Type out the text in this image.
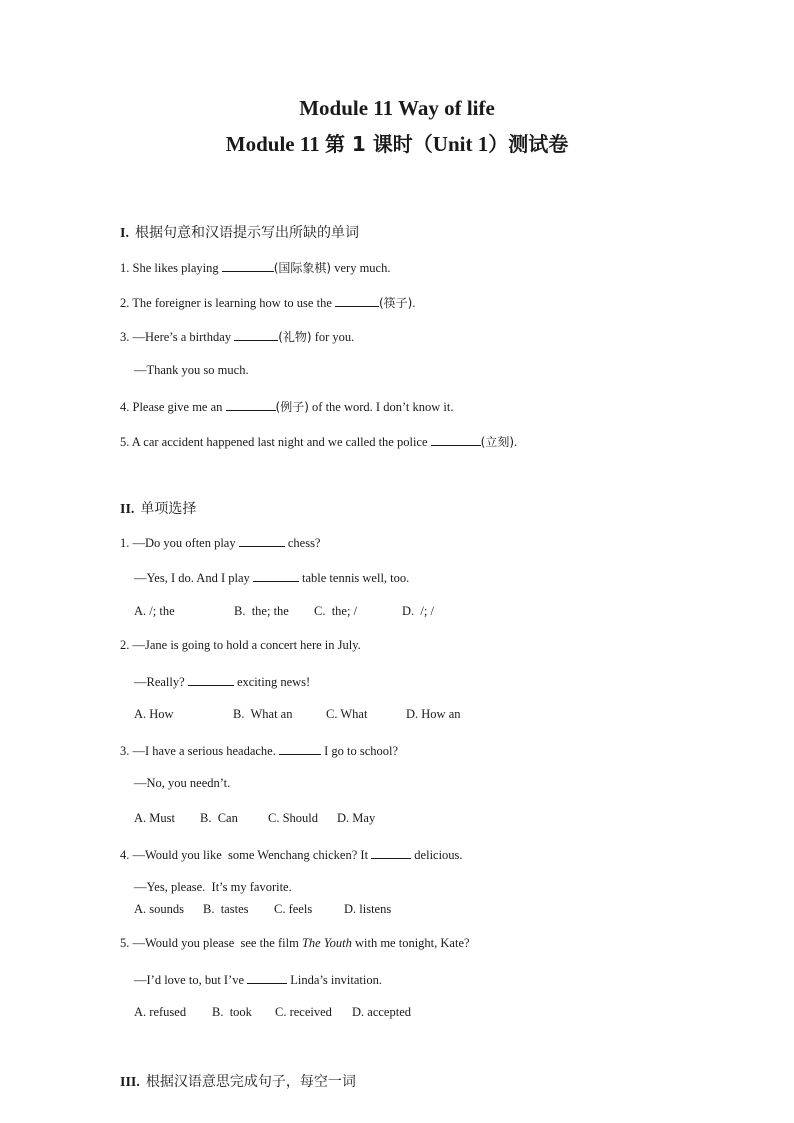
Module 11 Way of life
Module 11 第 1 课时（Unit 1）测试卷
I. 根据句意和汉语提示写出所缺的单词
1. She likes playing	(国际象棋) very much.
2. The foreigner is learning how to use the	(筷子).
3. —Here’s a birthday	(礼物) for you.
—Thank you so much.
4. Please give me an	(例子) of the word. I don’t know it.
5. A car accident happened last night and we called the police	(立刻).
II. 单项选择
1. —Do you often play	chess?
—Yes, I do. And I play	table tennis well, too.
A. /; the	B.  the; the C.  the; /	D.  /; /
2. —Jane is going to hold a concert here in July.
—Really?	exciting news!
A. How	B.  What an	C. What	D. How an
3. —I have a serious headache.	I go to school?
—No, you needn’t.
A. Must B.  Can C. Should D. May
4. —Would you like  some Wenchang chicken? It	delicious.
—Yes, please.  It’s my favorite.
A. sounds B.  tastes C. feels	D. listens
5. —Would you please  see the film The Youth with me tonight, Kate?
—I’d love to, but I’ve	Linda’s invitation.
A. refused B.  took C. received D. accepted
III. 根据汉语意思完成句子，每空一词
